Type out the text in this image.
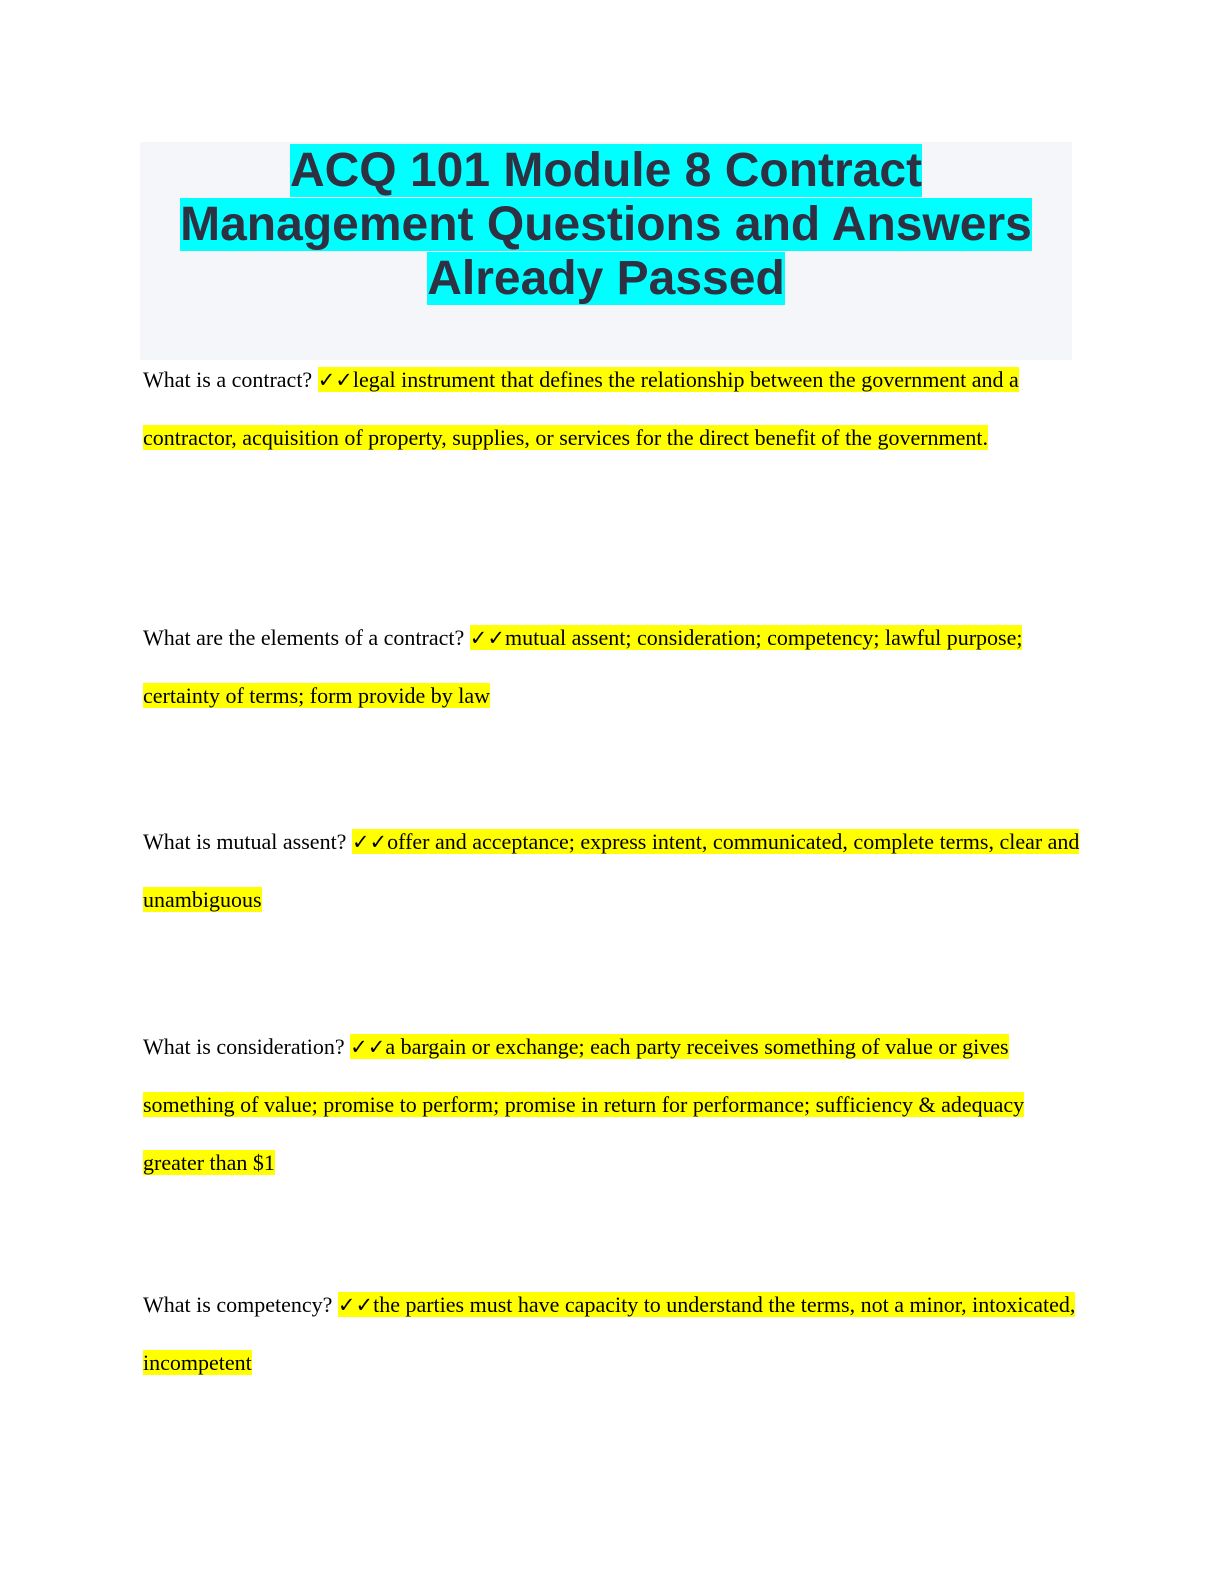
ACQ 101 Module 8 Contract Management Questions and Answers Already Passed
What is a contract? ✓✓legal instrument that defines the relationship between the government and a contractor, acquisition of property, supplies, or services for the direct benefit of the government.
What are the elements of a contract? ✓✓mutual assent; consideration; competency; lawful purpose; certainty of terms; form provide by law
What is mutual assent? ✓✓offer and acceptance; express intent, communicated, complete terms, clear and unambiguous
What is consideration? ✓✓a bargain or exchange; each party receives something of value or gives something of value; promise to perform; promise in return for performance; sufficiency & adequacy greater than $1
What is competency? ✓✓the parties must have capacity to understand the terms, not a minor, intoxicated, incompetent
